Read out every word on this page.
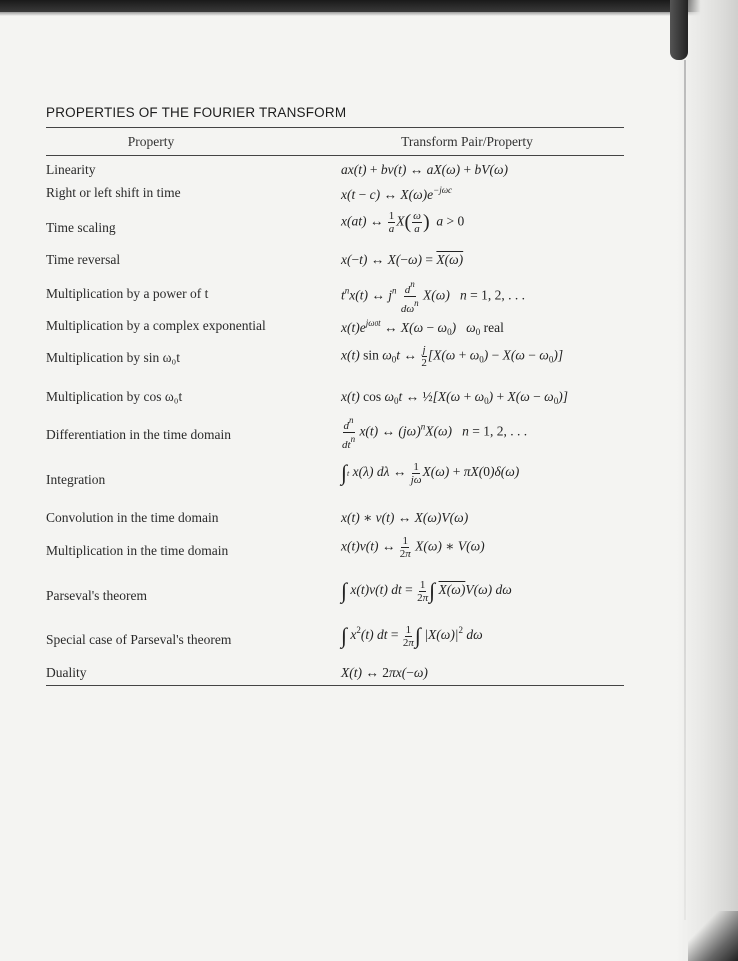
PROPERTIES OF THE FOURIER TRANSFORM
Property	Transform Pair/Property
Linearity	ax(t) + bv(t) ↔ aX(ω) + bV(ω)
Right or left shift in time	x(t − c) ↔ $X(\omega)e^{-j\omega c}$
Time scaling	x(at) ↔ $\frac{1}{a} X( \frac{\omega}{a}$ )  a > 0
Time reversal	x(−t) ↔ X(−ω) = X(ω)
Multiplication by a power of t	$t^nx(t)$ ↔ $j^n \frac{d^n}{d\omega^n} X(\omega) n = 1$, 2, . . .
Multiplication by a complex exponential	$x(t)e^{j\omega 0t}$ ↔ $X(\omega - \omega_0)$   $\omega_0$ real
Multiplication by sin ω₀t	x(t) $\sin \omega_0t$ ↔ $\frac{j}{2} [X(\omega + \omega_0) - X(\omega - \omega_0)]$
Multiplication by cos ω₀t	x(t) $\cos \omega_0t$ ↔ ½[X(ω + $\omega_0) + X(\omega - \omega_0)$]
Differentiation in the time domain	$\frac{d^n}{dt^n} x(t)$ ↔ $(j\omega)^nX(\omega) n = 1$, 2, . . .
Integration	∫t x(λ) dλ ↔ $\frac{1}{j\omega} X(\omega) + \pi X(0)\delta(\omega)$
Convolution in the time domain	x(t) ∗ v(t) ↔ X(ω)V(ω)
Multiplication in the time domain	x(t)v(t) ↔ $\frac{1}{2\pi} X(\omega)$ ∗ V(ω)
Parseval's theorem	∫ x(t)v(t) dt = $\frac{1}{2\pi}$ ∫ X(ω)V(ω) dω
Special case of Parseval's theorem	∫ $x^2(t)$ dt = $\frac{1}{2\pi}$ ∫ $|X(\omega)|^2$ dω
Duality	X(t) ↔ 2πx(−ω)
